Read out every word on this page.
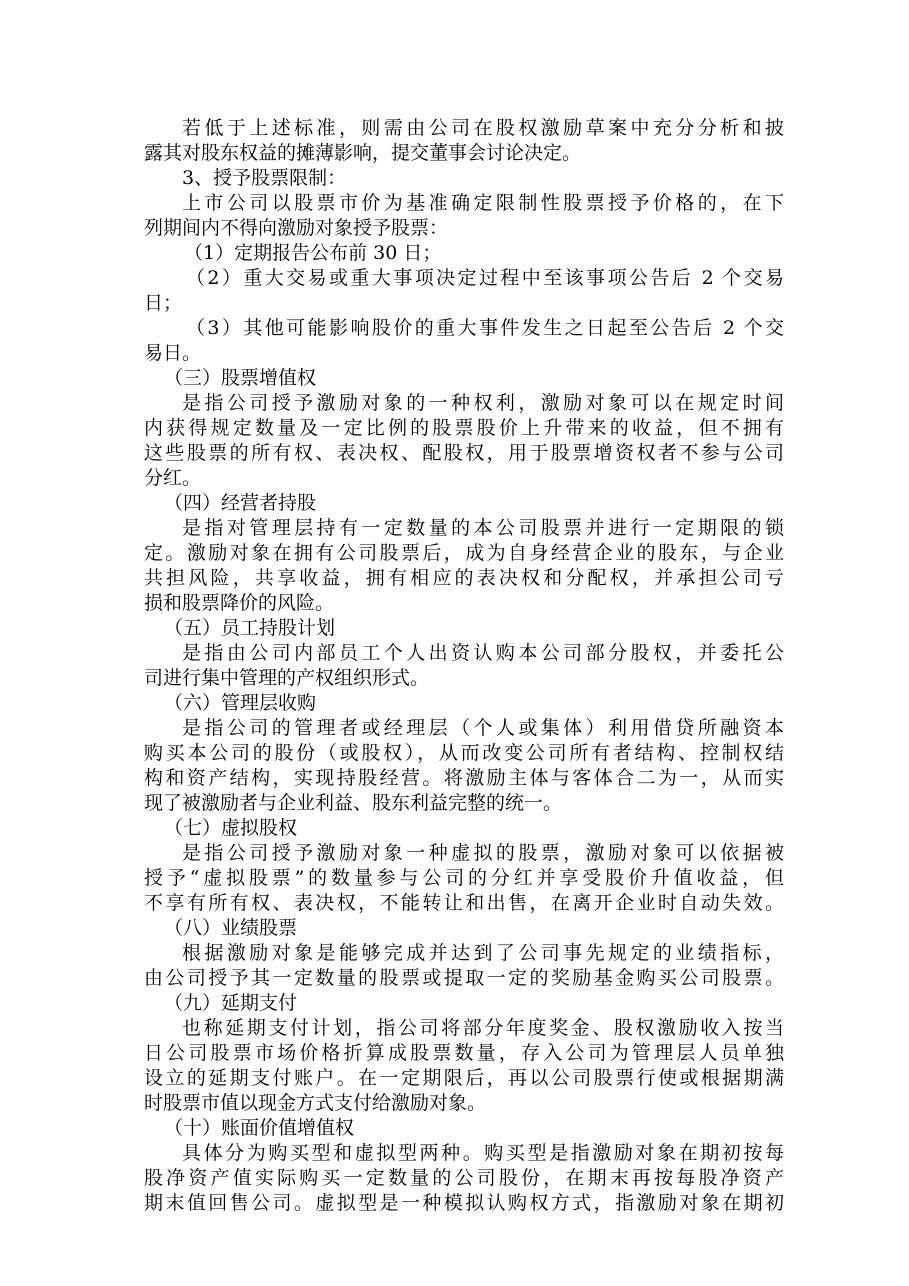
若低于上述标准，则需由公司在股权激励草案中充分分析和披
露其对股东权益的摊薄影响，提交董事会讨论决定。
3、授予股票限制：
上市公司以股票市价为基准确定限制性股票授予价格的，在下
列期间内不得向激励对象授予股票：
（1）定期报告公布前 30 日；
（2）重大交易或重大事项决定过程中至该事项公告后 2 个交易
日；
（3）其他可能影响股价的重大事件发生之日起至公告后 2 个交
易日。
（三）股票增值权
是指公司授予激励对象的一种权利，激励对象可以在规定时间
内获得规定数量及一定比例的股票股价上升带来的收益，但不拥有
这些股票的所有权、表决权、配股权，用于股票增资权者不参与公司
分红。
（四）经营者持股
是指对管理层持有一定数量的本公司股票并进行一定期限的锁
定。激励对象在拥有公司股票后，成为自身经营企业的股东，与企业
共担风险，共享收益，拥有相应的表决权和分配权，并承担公司亏
损和股票降价的风险。
（五）员工持股计划
是指由公司内部员工个人出资认购本公司部分股权，并委托公
司进行集中管理的产权组织形式。
（六）管理层收购
是指公司的管理者或经理层（个人或集体）利用借贷所融资本
购买本公司的股份（或股权），从而改变公司所有者结构、控制权结
构和资产结构，实现持股经营。将激励主体与客体合二为一，从而实
现了被激励者与企业利益、股东利益完整的统一。
（七）虚拟股权
是指公司授予激励对象一种虚拟的股票，激励对象可以依据被
授予“虚拟股票”的数量参与公司的分红并享受股价升值收益，但
不享有所有权、表决权，不能转让和出售，在离开企业时自动失效。
（八）业绩股票
根据激励对象是能够完成并达到了公司事先规定的业绩指标，
由公司授予其一定数量的股票或提取一定的奖励基金购买公司股票。
（九）延期支付
也称延期支付计划，指公司将部分年度奖金、股权激励收入按当
日公司股票市场价格折算成股票数量，存入公司为管理层人员单独
设立的延期支付账户。在一定期限后，再以公司股票行使或根据期满
时股票市值以现金方式支付给激励对象。
（十）账面价值增值权
具体分为购买型和虚拟型两种。购买型是指激励对象在期初按每
股净资产值实际购买一定数量的公司股份，在期末再按每股净资产
期末值回售公司。虚拟型是一种模拟认购权方式，指激励对象在期初
